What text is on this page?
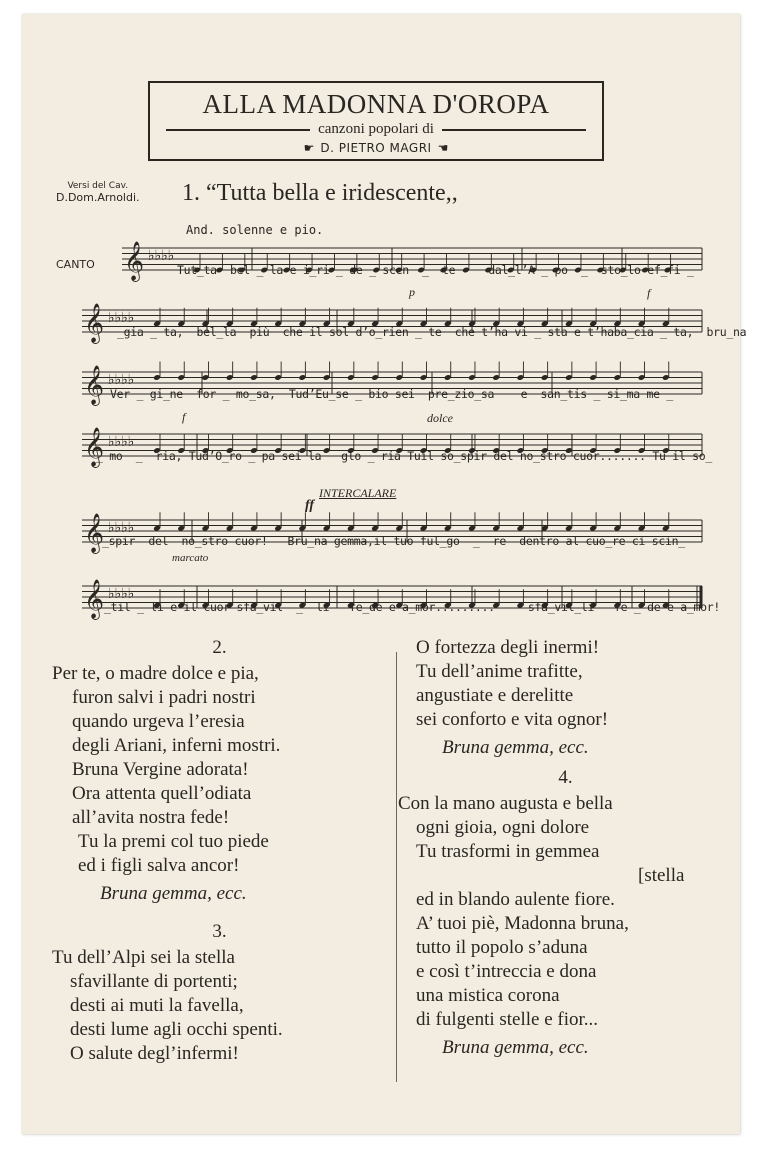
ALLA MADONNA D'OROPA
canzoni popolari di
☛ D. PIETRO MAGRI ☚
Versi del Cav.
D.Dom.Arnoldi. 1. “Tutta bella e iridescente,,
And. solenne e pio.
CANTO 𝄞 ♭♭♭♭
𝄞 ♭♭♭♭
𝄞 ♭♭♭♭
𝄞 ♭♭♭♭
𝄞 ♭♭♭♭
𝄞 ♭♭♭♭
Tut_ta  bel _ la e i_ri _ de _ scen  _  te     dal_l’A _ po  _  sto_lo ef_fi _
_gia _ ta,  bel_la  più  che il sol d’o_rien _ te  che t’ha vi _ sta e t’haba_cia _ ta,  bru_na
Ver _ gi_ne  for _ mo_sa,  Tud’Eu_se _ bio sei  pre_zio_sa    e  san_tis _ si_ma me _
_ mo  _  ria, Tud’O_ro _ pa sei la   glo _ ria Tuil so_spir del no_stro cuor....... Tu il so_
_spir  del  no_stro cuor!   Bru_na gemma,il tuo ful_go  _  re  dentro al cuo_re ci scin_
_til _ li e il cuor sfa_vil  _  li   fe_de e a_mor.........     sfa_vil_li   fe _ de e a_mor!
p	f
f	dolce
INTERCALARE
ff
marcato
2.
Per te, o madre dolce e pia,
furon salvi i padri nostri
quando urgeva l’eresia
degli Ariani, inferni mostri.
Bruna Vergine adorata!
Ora attenta quell’odiata
all’avita nostra fede!
Tu la premi col tuo piede
ed i figli salva ancor!
Bruna gemma, ecc.
3.
Tu dell’Alpi sei la stella
sfavillante di portenti;
desti ai muti la favella,
desti lume agli occhi spenti.
O salute degl’infermi!
O fortezza degli inermi!
Tu dell’anime trafitte,
angustiate e derelitte
sei conforto e vita ognor!
Bruna gemma, ecc.
4.
Con la mano augusta e bella
ogni gioia, ogni dolore
Tu trasformi in gemmea
[stella
ed in blando aulente fiore.
A’ tuoi piè, Madonna bruna,
tutto il popolo s’aduna
e così t’intreccia e dona
una mistica corona
di fulgenti stelle e fior...
Bruna gemma, ecc.
